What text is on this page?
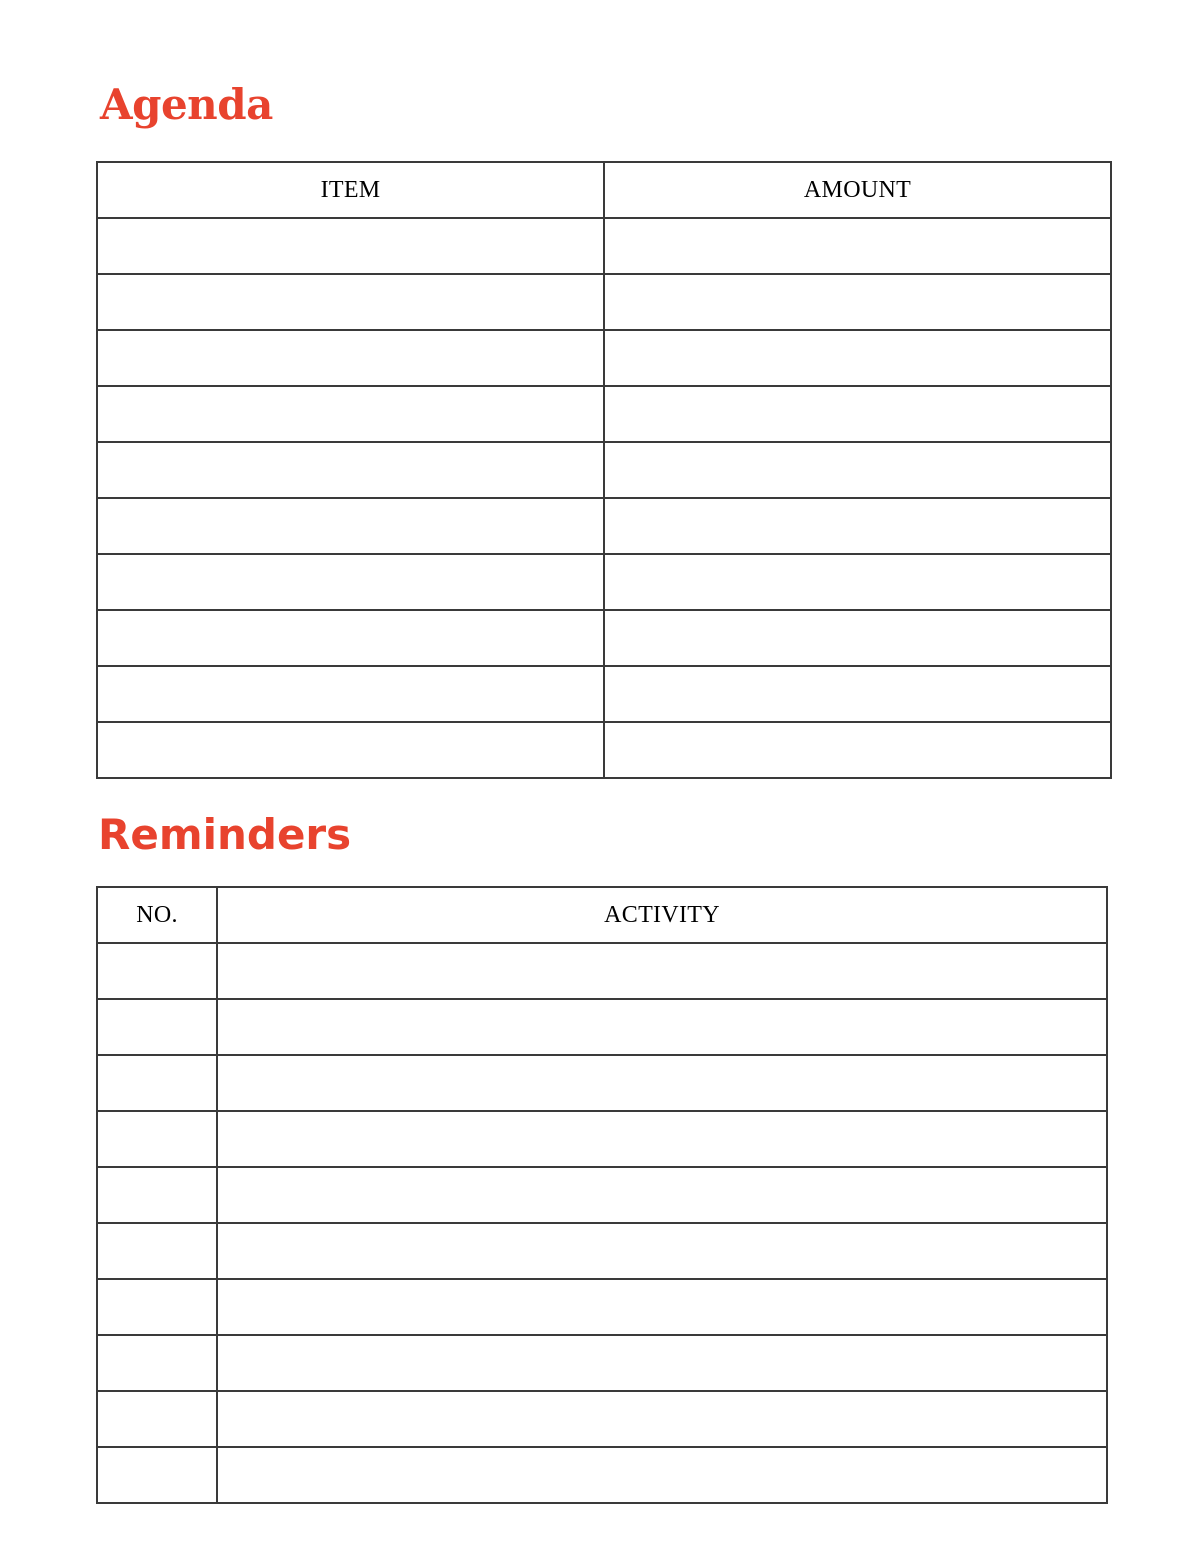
Agenda
ITEM	AMOUNT

Reminders
NO.	ACTIVITY
